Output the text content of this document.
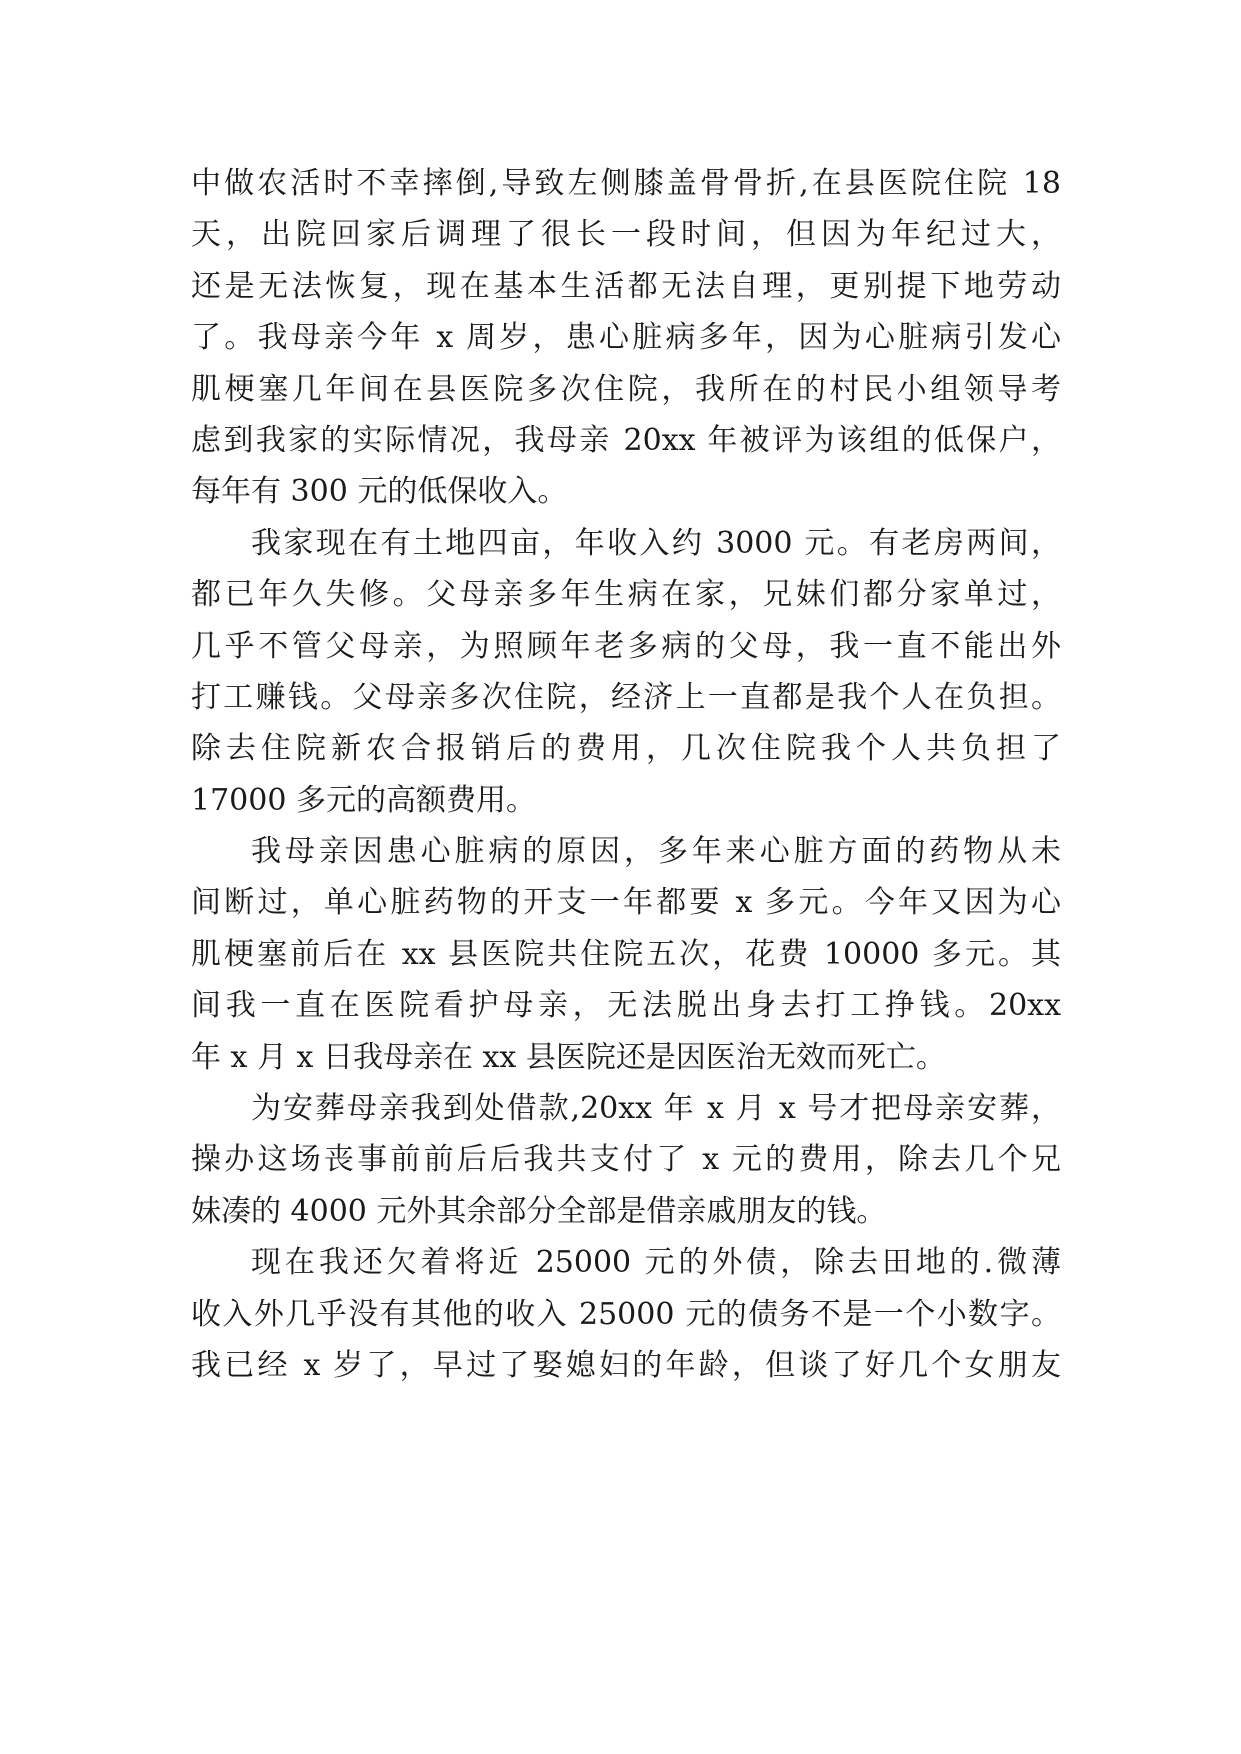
中做农活时不幸摔倒,导致左侧膝盖骨骨折,在县医院住院 18
天，出院回家后调理了很长一段时间，但因为年纪过大，
还是无法恢复，现在基本生活都无法自理，更别提下地劳动
了。我母亲今年 x 周岁，患心脏病多年，因为心脏病引发心
肌梗塞几年间在县医院多次住院，我所在的村民小组领导考
虑到我家的实际情况，我母亲 20xx 年被评为该组的低保户，
每年有 300 元的低保收入。
我家现在有土地四亩，年收入约 3000 元。有老房两间，
都已年久失修。父母亲多年生病在家，兄妹们都分家单过，
几乎不管父母亲，为照顾年老多病的父母，我一直不能出外
打工赚钱。父母亲多次住院，经济上一直都是我个人在负担。
除去住院新农合报销后的费用，几次住院我个人共负担了
17000 多元的高额费用。
我母亲因患心脏病的原因，多年来心脏方面的药物从未
间断过，单心脏药物的开支一年都要 x 多元。今年又因为心
肌梗塞前后在 xx 县医院共住院五次，花费 10000 多元。其
间我一直在医院看护母亲，无法脱出身去打工挣钱。20xx
年 x 月 x 日我母亲在 xx 县医院还是因医治无效而死亡。
为安葬母亲我到处借款,20xx 年 x 月 x 号才把母亲安葬，
操办这场丧事前前后后我共支付了 x 元的费用，除去几个兄
妹凑的 4000 元外其余部分全部是借亲戚朋友的钱。
现在我还欠着将近 25000 元的外债，除去田地的.微薄
收入外几乎没有其他的收入 25000 元的债务不是一个小数字。
我已经 x 岁了，早过了娶媳妇的年龄，但谈了好几个女朋友
